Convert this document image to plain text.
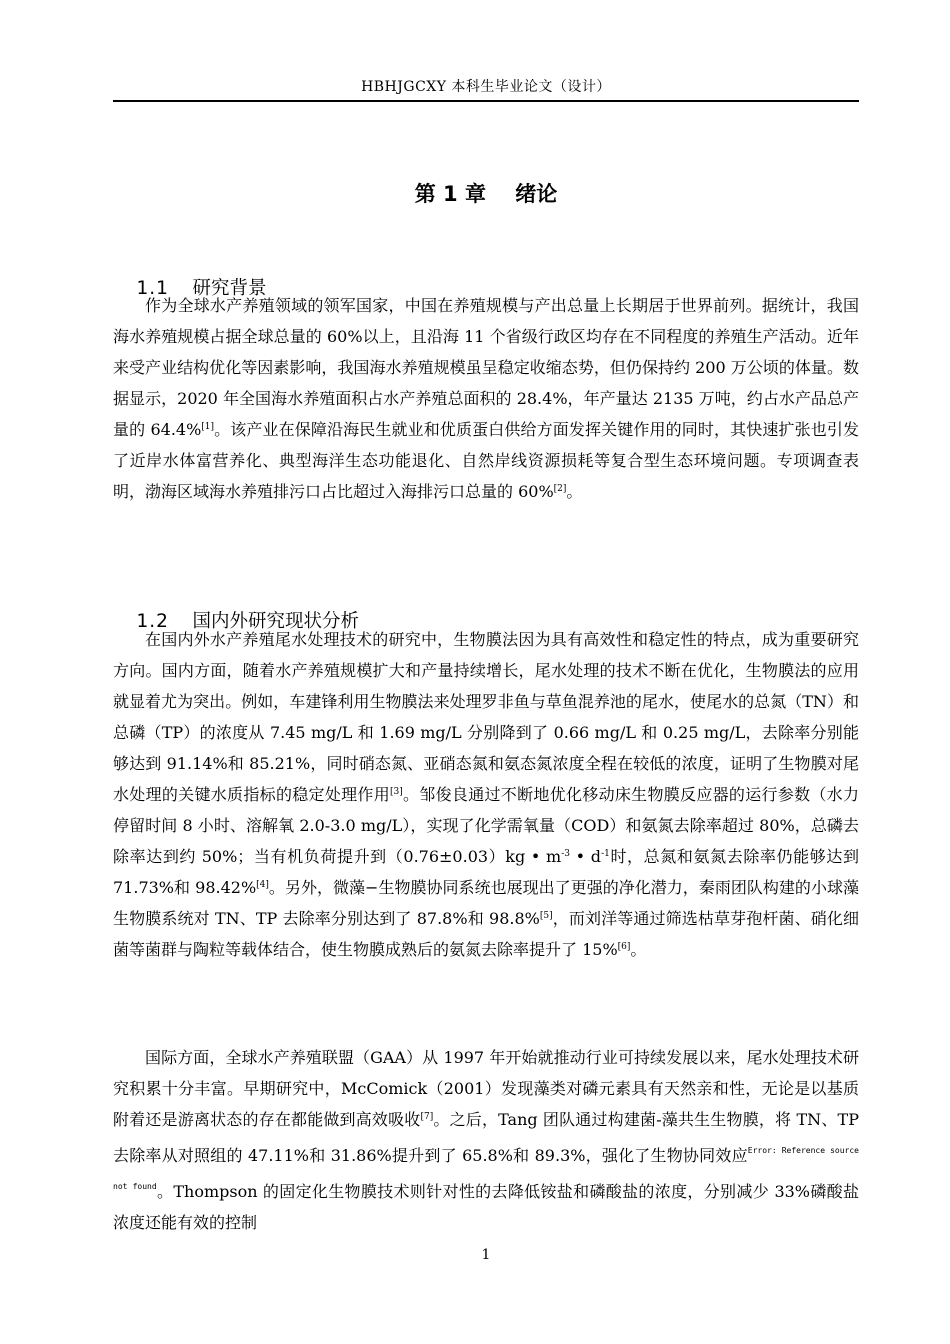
HBHJGCXY 本科生毕业论文（设计）
第 1 章    绪论

1.1 研究背景

作为全球水产养殖领域的领军国家，中国在养殖规模与产出总量上长期居于世界前列。据统计，我国海水养殖规模占据全球总量的 60%以上，且沿海 11 个省级行政区均存在不同程度的养殖生产活动。近年来受产业结构优化等因素影响，我国海水养殖规模虽呈稳定收缩态势，但仍保持约 200 万公顷的体量。数据显示，2020 年全国海水养殖面积占水产养殖总面积的 28.4%，年产量达 2135 万吨，约占水产品总产量的 64.4%[1]。该产业在保障沿海民生就业和优质蛋白供给方面发挥关键作用的同时，其快速扩张也引发了近岸水体富营养化、典型海洋生态功能退化、自然岸线资源损耗等复合型生态环境问题。专项调查表明，渤海区域海水养殖排污口占比超过入海排污口总量的 60%[2]。

1.2 国内外研究现状分析

在国内外水产养殖尾水处理技术的研究中，生物膜法因为具有高效性和稳定性的特点，成为重要研究方向。国内方面，随着水产养殖规模扩大和产量持续增长，尾水处理的技术不断在优化，生物膜法的应用就显着尤为突出。例如，车建锋利用生物膜法来处理罗非鱼与草鱼混养池的尾水，使尾水的总氮（TN）和总磷（TP）的浓度从 7.45 mg/L 和 1.69 mg/L 分别降到了 0.66 mg/L 和 0.25 mg/L，去除率分别能够达到 91.14%和 85.21%，同时硝态氮、亚硝态氮和氨态氮浓度全程在较低的浓度，证明了生物膜对尾水处理的关键水质指标的稳定处理作用[3]。邹俊良通过不断地优化移动床生物膜反应器的运行参数（水力停留时间 8 小时、溶解氧 2.0-3.0 mg/L），实现了化学需氧量（COD）和氨氮去除率超过 80%，总磷去除率达到约 50%；当有机负荷提升到（0.76±0.03）kg • $m^{-3}$ • $d^{-1}$时，总氮和氨氮去除率仍能够达到 71.73%和 98.42%[4]。另外，微藻−生物膜协同系统也展现出了更强的净化潜力，秦雨团队构建的小球藻生物膜系统对 TN、TP 去除率分别达到了 87.8%和 98.8%[5]，而刘洋等通过筛选枯草芽孢杆菌、硝化细菌等菌群与陶粒等载体结合，使生物膜成熟后的氨氮去除率提升了 15%[6]。

国际方面，全球水产养殖联盟（GAA）从 1997 年开始就推动行业可持续发展以来，尾水处理技术研究积累十分丰富。早期研究中，McComick（2001）发现藻类对磷元素具有天然亲和性，无论是以基质附着还是游离状态的存在都能做到高效吸收[7]。之后，Tang 团队通过构建菌-藻共生生物膜，将 TN、TP 去除率从对照组的 47.11%和 31.86%提升到了 65.8%和 89.3%，强化了生物协同效应$^{Error: Reference source not found}$。Thompson 的固定化生物膜技术则针对性的去降低铵盐和磷酸盐的浓度，分别减少 33%磷酸盐浓度还能有效的控制

1
